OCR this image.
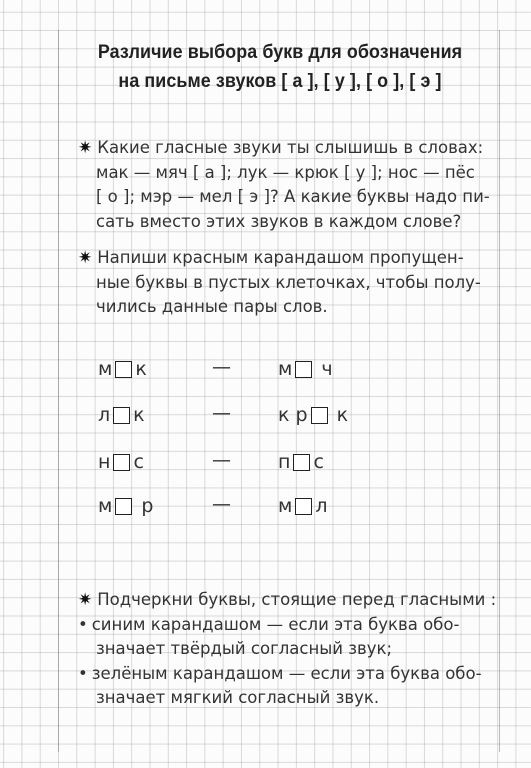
Различие выбора букв для обозначения
на письме звуков [ а ], [ у ], [ о ], [ э ]
✷ Какие гласные звуки ты слышишь в словах:
мак — мяч [ а ]; лук — крюк [ у ]; нос — пёс
[ о ]; мэр — мел [ э ]? А какие буквы надо пи-
сать вместо этих звуков в каждом слове?
✷ Напиши красным карандашом пропущен-
ные буквы в пустых клеточках, чтобы полу-
чились данные пары слов.
м к	— м ч
л к	— к р к
н с	— п с
м р	— м л
✷ Подчеркни буквы, стоящие перед гласными :
• синим карандашом — если эта буква обо-
значает твёрдый согласный звук;
• зелёным карандашом — если эта буква обо-
значает мягкий согласный звук.
